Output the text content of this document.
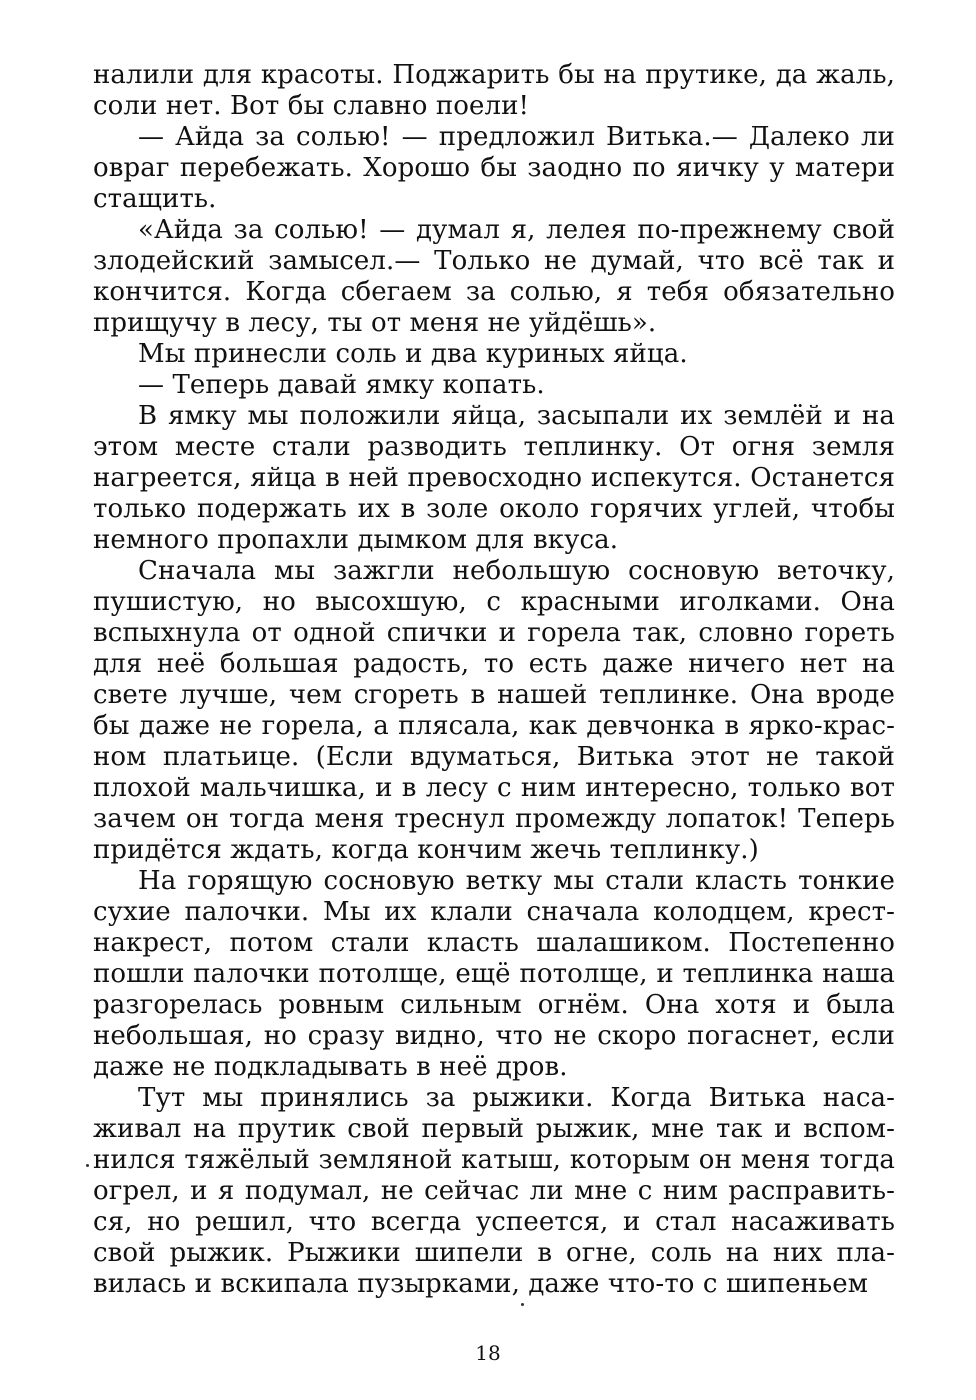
налили для красоты. Поджарить бы на прутике, да жаль,
соли нет. Вот бы славно поели!
— Айда за солью! — предложил Витька.— Далеко ли
овраг перебежать. Хорошо бы заодно по яичку у матери
стащить.
«Айда за солью! — думал я, лелея по-прежнему свой
злодейский замысел.— Только не думай, что всё так и
кончится. Когда сбегаем за солью, я тебя обязательно
прищучу в лесу, ты от меня не уйдёшь».
Мы принесли соль и два куриных яйца.
— Теперь давай ямку копать.
В ямку мы положили яйца, засыпали их землёй и на
этом месте стали разводить теплинку. От огня земля
нагреется, яйца в ней превосходно испекутся. Останется
только подержать их в золе около горячих углей, чтобы
немного пропахли дымком для вкуса.
Сначала мы зажгли небольшую сосновую веточку,
пушистую, но высохшую, с красными иголками. Она
вспыхнула от одной спички и горела так, словно гореть
для неё большая радость, то есть даже ничего нет на
свете лучше, чем сгореть в нашей теплинке. Она вроде
бы даже не горела, а плясала, как девчонка в ярко-крас-
ном платьице. (Если вдуматься, Витька этот не такой
плохой мальчишка, и в лесу с ним интересно, только вот
зачем он тогда меня треснул промеждy лопаток! Теперь
придётся ждать, когда кончим жечь теплинку.)
На горящую сосновую ветку мы стали класть тонкие
сухие палочки. Мы их клали сначала колодцем, крест-
накрест, потом стали класть шалашиком. Постепенно
пошли палочки потолще, ещё потолще, и теплинка наша
разгорелась ровным сильным огнём. Она хотя и была
небольшая, но сразу видно, что не скоро погаснет, если
даже не подкладывать в неё дров.
Тут мы принялись за рыжики. Когда Витька наса-
живал на прутик свой первый рыжик, мне так и вспом-
нился тяжёлый земляной катыш, которым он меня тогда
огрел, и я подумал, не сейчас ли мне с ним расправить-
ся, но решил, что всегда успеется, и стал насаживать
свой рыжик. Рыжики шипели в огне, соль на них пла-
вилась и вскипала пузырками, даже что-то с шипеньем
18
